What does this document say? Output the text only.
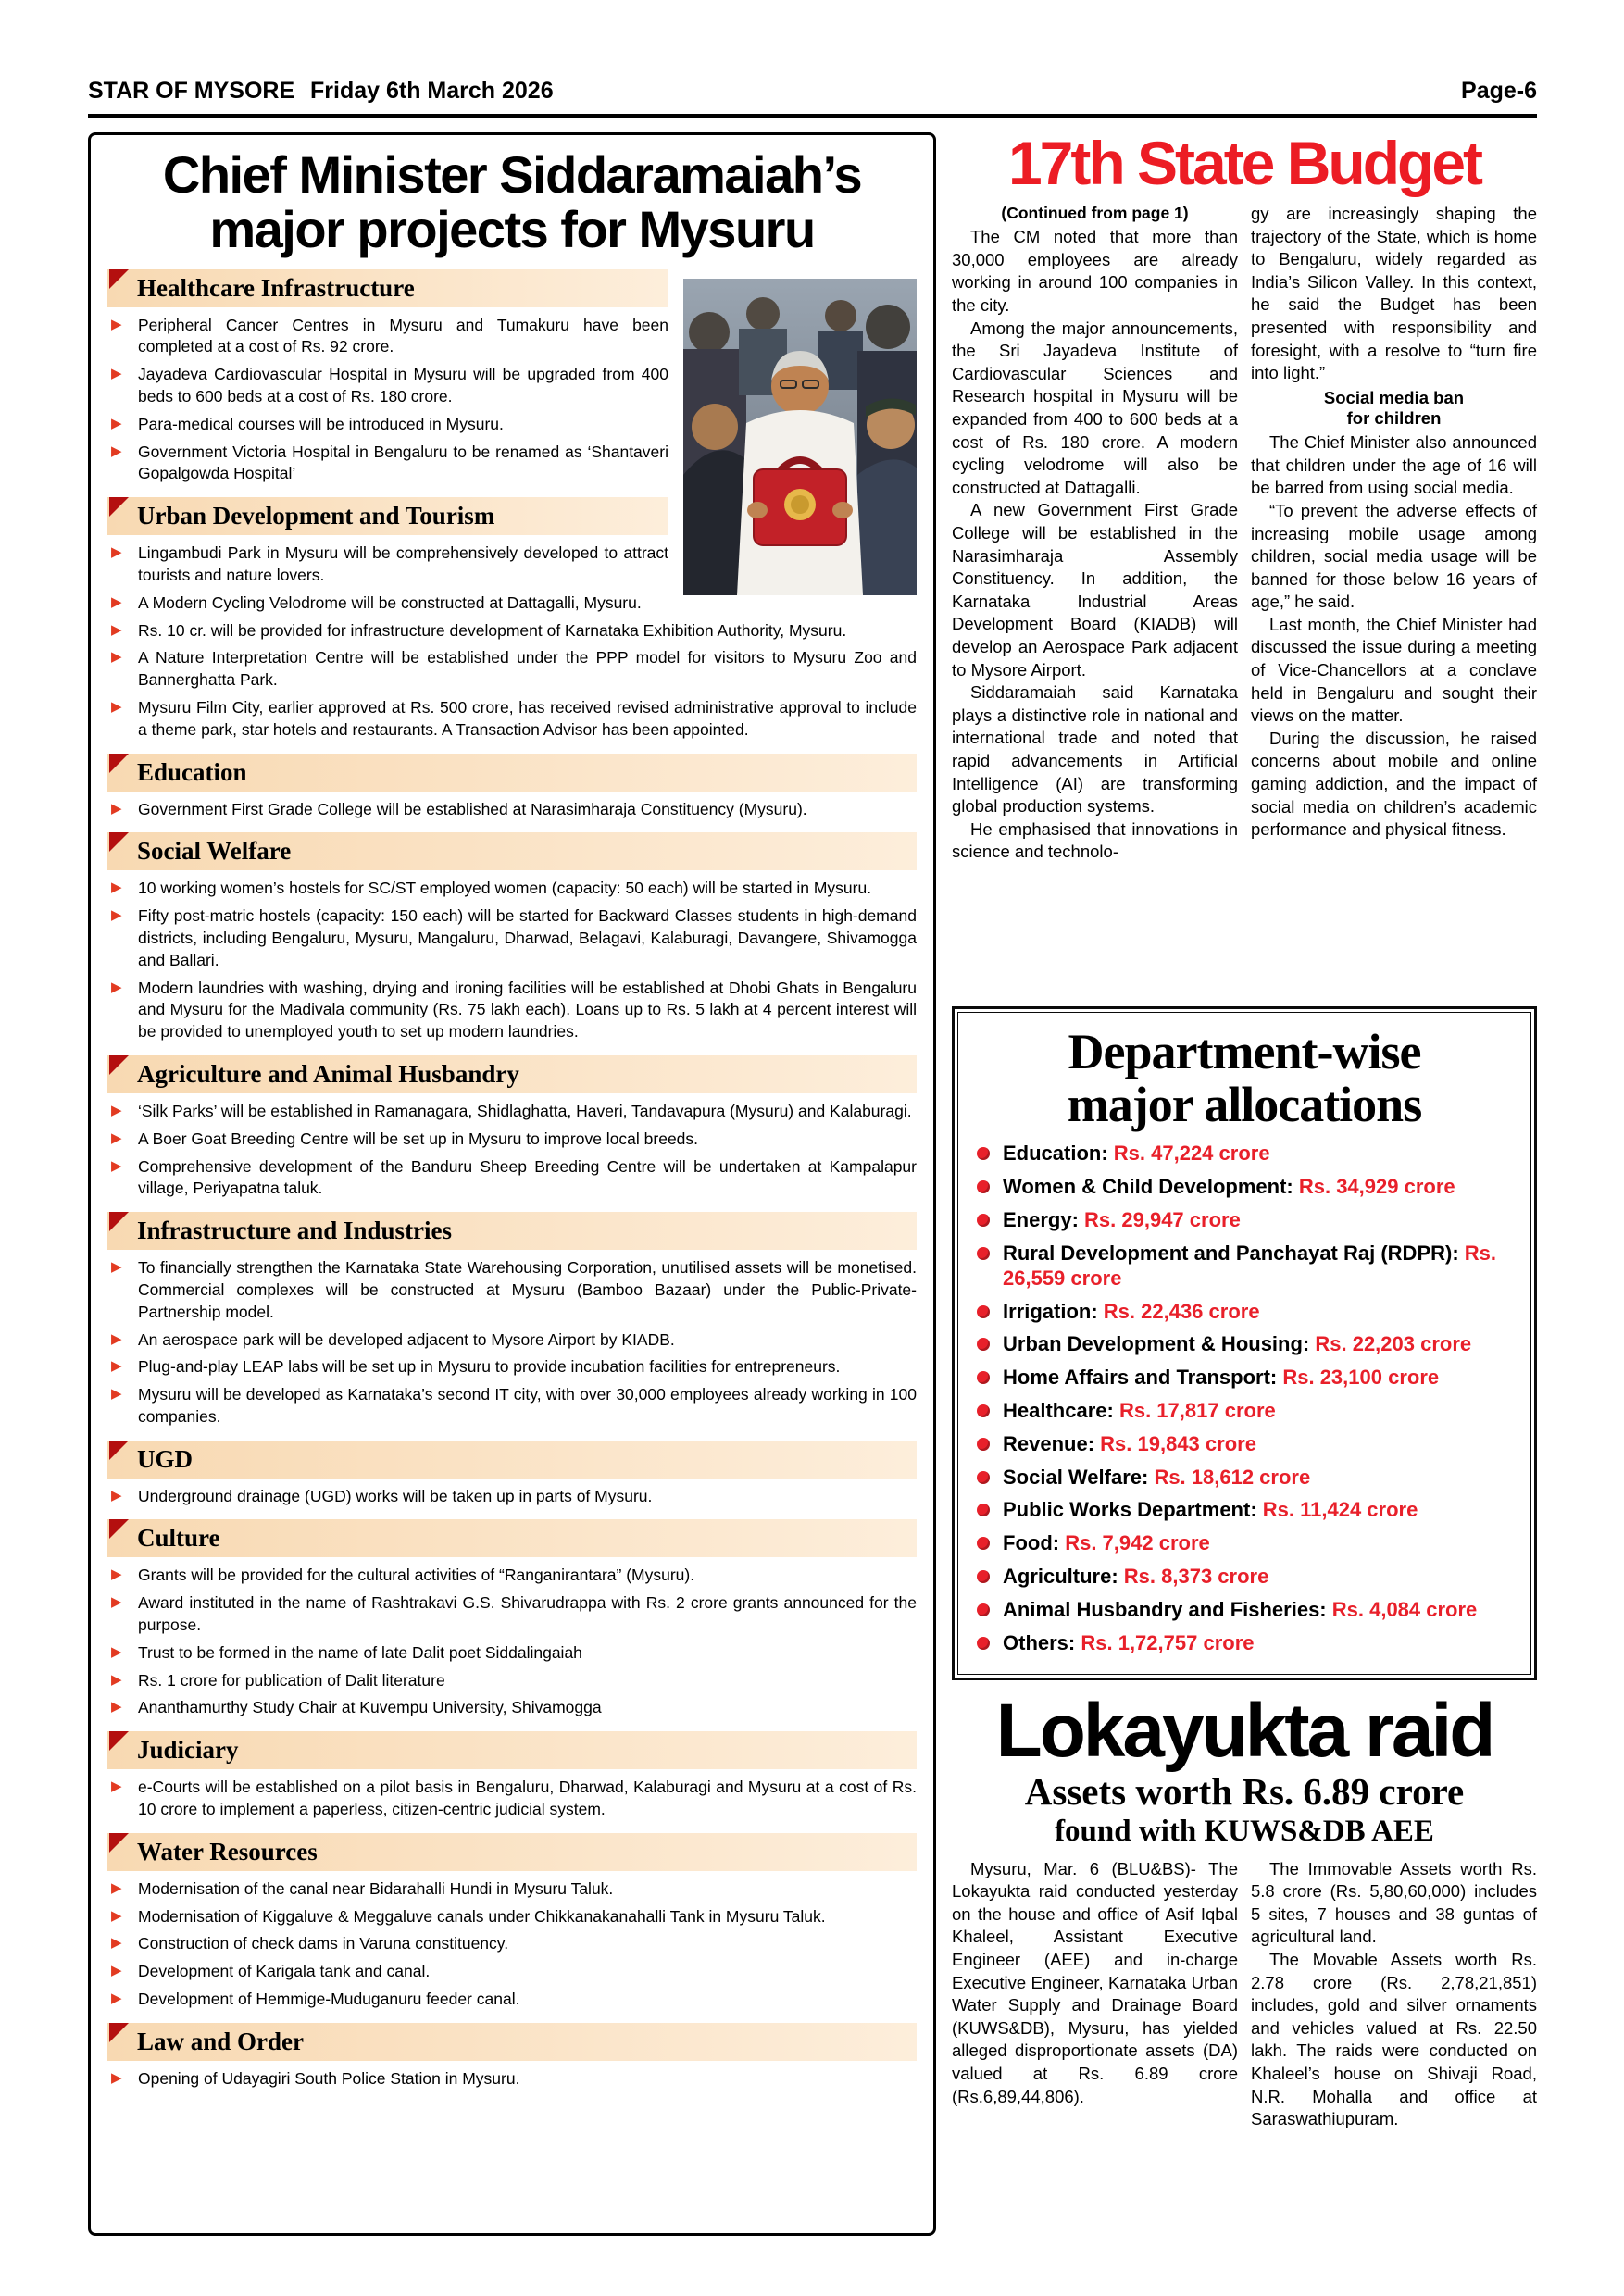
STAR OF MYSORE Friday 6th March 2026	Page-6
Chief Minister Siddaramaiah’s
major projects for Mysuru
Healthcare Infrastructure
▶ Peripheral Cancer Centres in Mysuru and Tumakuru have been completed at a cost of Rs. 92 crore.
▶ Jayadeva Cardiovascular Hospital in Mysuru will be upgraded from 400 beds to 600 beds at a cost of Rs. 180 crore.
▶ Para-medical courses will be introduced in Mysuru.
▶ Government Victoria Hospital in Bengaluru to be renamed as ‘Shantaveri Gopalgowda Hospital’
Urban Development and Tourism
▶ Lingambudi Park in Mysuru will be comprehensively developed to attract tourists and nature lovers.
▶ A Modern Cycling Velodrome will be constructed at Dattagalli, Mysuru.
▶ Rs. 10 cr. will be provided for infrastructure development of Karnataka Exhibition Authority, Mysuru.
▶ A Nature Interpretation Centre will be established under the PPP model for visitors to Mysuru Zoo and Bannerghatta Park.
▶ Mysuru Film City, earlier approved at Rs. 500 crore, has received revised administrative approval to include a theme park, star hotels and restaurants. A Transaction Advisor has been appointed.
Education
▶ Government First Grade College will be established at Narasimharaja Constituency (Mysuru).
Social Welfare
▶ 10 working women’s hostels for SC/ST employed women (capacity: 50 each) will be started in Mysuru.
▶ Fifty post-matric hostels (capacity: 150 each) will be started for Backward Classes students in high-demand districts, including Bengaluru, Mysuru, Mangaluru, Dharwad, Belagavi, Kalaburagi, Davangere, Shivamogga and Ballari.
▶ Modern laundries with washing, drying and ironing facilities will be established at Dhobi Ghats in Bengaluru and Mysuru for the Madivala community (Rs. 75 lakh each). Loans up to Rs. 5 lakh at 4 percent interest will be provided to unemployed youth to set up modern laundries.
Agriculture and Animal Husbandry
▶ ‘Silk Parks’ will be established in Ramanagara, Shidlaghatta, Haveri, Tandavapura (Mysuru) and Kalaburagi.
▶ A Boer Goat Breeding Centre will be set up in Mysuru to improve local breeds.
▶ Comprehensive development of the Banduru Sheep Breeding Centre will be undertaken at Kampalapur village, Periyapatna taluk.
Infrastructure and Industries
▶ To financially strengthen the Karnataka State Warehousing Corporation, unutilised assets will be monetised. Commercial complexes will be constructed at Mysuru (Bamboo Bazaar) under the Public-Private-Partnership model.
▶ An aerospace park will be developed adjacent to Mysore Airport by KIADB.
▶ Plug-and-play LEAP labs will be set up in Mysuru to provide incubation facilities for entrepreneurs.
▶ Mysuru will be developed as Karnataka’s second IT city, with over 30,000 employees already working in 100 companies.
UGD
▶ Underground drainage (UGD) works will be taken up in parts of Mysuru.
Culture
▶ Grants will be provided for the cultural activities of “Ranganirantara” (Mysuru).
▶ Award instituted in the name of Rashtrakavi G.S. Shivarudrappa with Rs. 2 crore grants announced for the purpose.
▶ Trust to be formed in the name of late Dalit poet Siddalingaiah
▶ Rs. 1 crore for publication of Dalit literature
▶ Ananthamurthy Study Chair at Kuvempu University, Shivamogga
Judiciary
▶ e-Courts will be established on a pilot basis in Bengaluru, Dharwad, Kalaburagi and Mysuru at a cost of Rs. 10 crore to implement a paperless, citizen-centric judicial system.
Water Resources
▶ Modernisation of the canal near Bidarahalli Hundi in Mysuru Taluk.
▶ Modernisation of Kiggaluve & Meggaluve canals under Chikkanakanahalli Tank in Mysuru Taluk.
▶ Construction of check dams in Varuna constituency.
▶ Development of Karigala tank and canal.
▶ Development of Hemmige-Muduganuru feeder canal.
Law and Order
▶ Opening of Udayagiri South Police Station in Mysuru.
17th State Budget

(Continued from page 1)

The CM noted that more than 30,000 employees are already working in around 100 companies in the city.

Among the major announcements, the Sri Jayadeva Institute of Cardiovascular Sciences and Research hospital in Mysuru will be expanded from 400 to 600 beds at a cost of Rs. 180 crore. A modern cycling velodrome will also be constructed at Dattagalli.

A new Government First Grade College will be established in the Narasimharaja Assembly Constituency. In addition, the Karnataka Industrial Areas Development Board (KIADB) will develop an Aerospace Park adjacent to Mysore Airport.

Siddaramaiah said Karnataka plays a distinctive role in national and international trade and noted that rapid advancements in Artificial Intelligence (AI) are transforming global production systems.

He emphasised that innovations in science and technolo-

gy are increasingly shaping the trajectory of the State, which is home to Bengaluru, widely regarded as India’s Silicon Valley. In this context, he said the Budget has been presented with responsibility and foresight, with a resolve to “turn fire into light.”

Social media ban
for children

The Chief Minister also announced that children under the age of 16 will be barred from using social media.

“To prevent the adverse effects of increasing mobile usage among children, social media usage will be banned for those below 16 years of age,” he said.

Last month, the Chief Minister had discussed the issue during a meeting of Vice-Chancellors at a conclave held in Bengaluru and sought their views on the matter.

During the discussion, he raised concerns about mobile and online gaming addiction, and the impact of social media on children’s academic performance and physical fitness.

Department-wise
major allocations
Education: Rs. 47,224 crore
Women & Child Development: Rs. 34,929 crore
Energy: Rs. 29,947 crore
Rural Development and Panchayat Raj (RDPR): Rs. 26,559 crore
Irrigation: Rs. 22,436 crore
Urban Development & Housing: Rs. 22,203 crore
Home Affairs and Transport: Rs. 23,100 crore
Healthcare: Rs. 17,817 crore
Revenue: Rs. 19,843 crore
Social Welfare: Rs. 18,612 crore
Public Works Department: Rs. 11,424 crore
Food: Rs. 7,942 crore
Agriculture: Rs. 8,373 crore
Animal Husbandry and Fisheries: Rs. 4,084 crore
Others: Rs. 1,72,757 crore
Lokayukta raid
Assets worth Rs. 6.89 crore
found with KUWS&DB AEE

Mysuru, Mar. 6 (BLU&BS)- The Lokayukta raid conducted yesterday on the house and office of Asif Iqbal Khaleel, Assistant Executive Engineer (AEE) and in-charge Executive Engineer, Karnataka Urban Water Supply and Drainage Board (KUWS&DB), Mysuru, has yielded alleged disproportionate assets (DA) valued at Rs. 6.89 crore (Rs.6,89,44,806).

The Immovable Assets worth Rs. 5.8 crore (Rs. 5,80,60,000) includes 5 sites, 7 houses and 38 guntas of agricultural land.

The Movable Assets worth Rs. 2.78 crore (Rs. 2,78,21,851) includes, gold and silver ornaments and vehicles valued at Rs. 22.50 lakh. The raids were conducted on Khaleel’s house on Shivaji Road, N.R. Mohalla and office at Saraswathiupuram.
